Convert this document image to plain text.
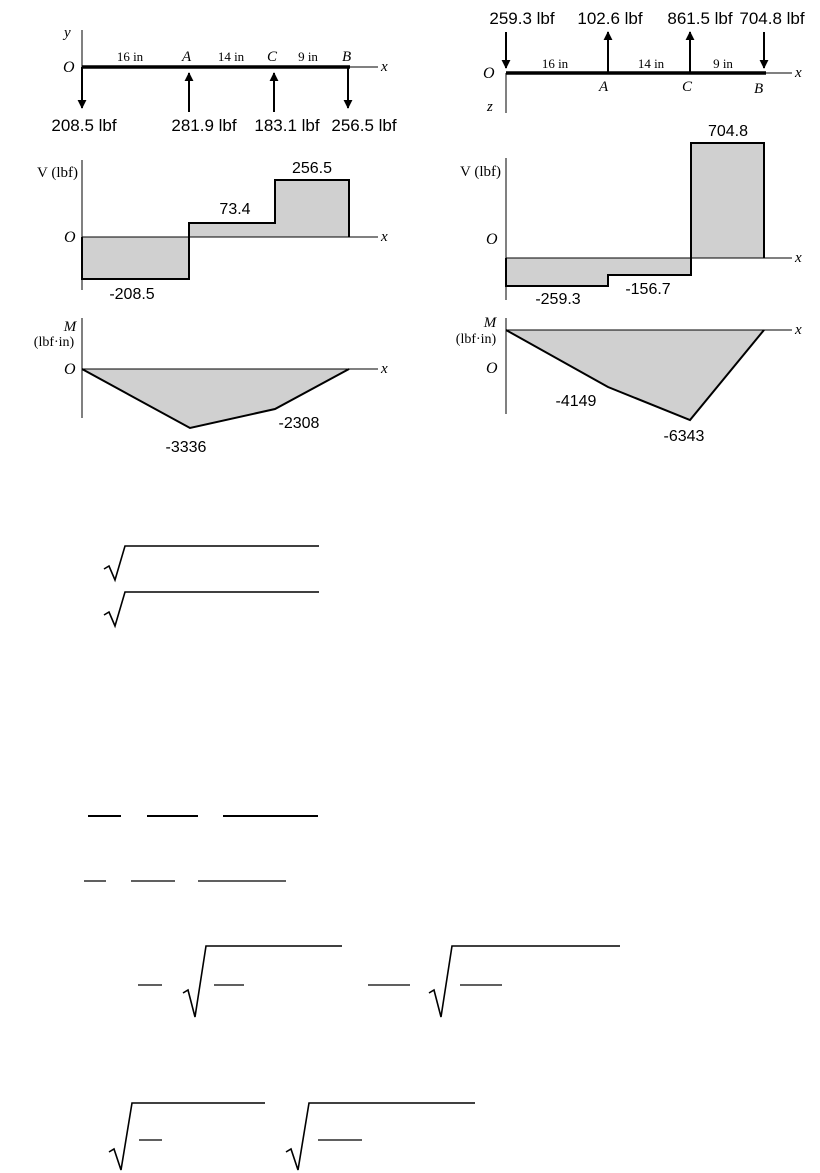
y
x
O
A	C	B
16 in	14 in	9 in
208.5 lbf	281.9 lbf 183.1 lbf 256.5 lbf
V (lbf)
x
O
-208.5
73.4
256.5
M
(lbf·in)
x
O
-3336
-2308
z
x
O
A	C	B
16 in	14 in	9 in
259.3 lbf 102.6 lbf 861.5 lbf 704.8 lbf
V (lbf)
x
O
-259.3
-156.7
704.8
M
(lbf·in)
x
O
-4149
-6343
